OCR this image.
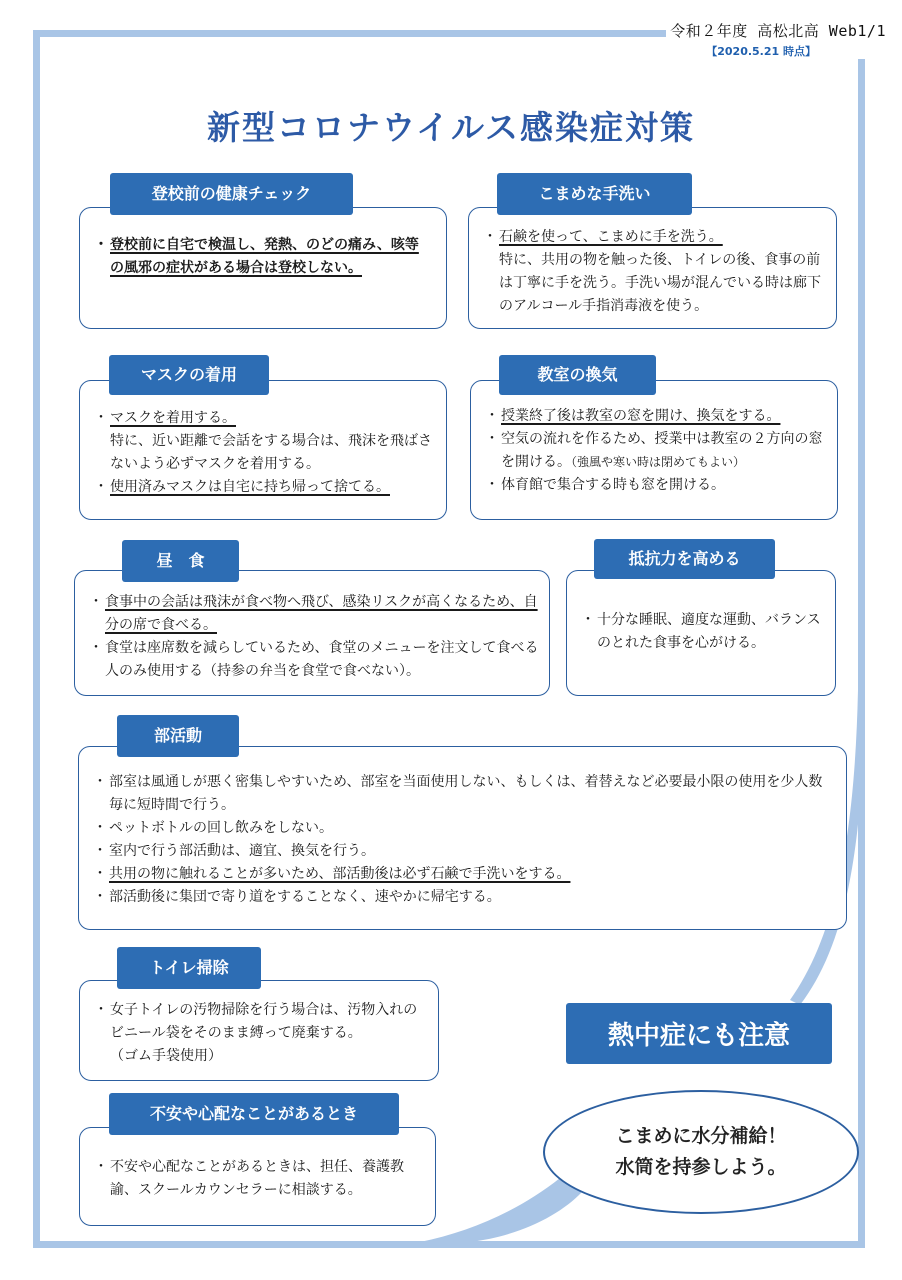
令和２年度 高松北高 Web1/1
【2020.5.21 時点】
新型コロナウイルス感染症対策
・ 登校前に自宅で検温し、発熱、のどの痛み、咳等の風邪の症状がある場合は登校しない。
登校前の健康チェック
・ 石鹸を使って、こまめに手を洗う。
特に、共用の物を触った後、トイレの後、食事の前は丁寧に手を洗う。手洗い場が混んでいる時は廊下のアルコール手指消毒液を使う。
こまめな手洗い
・ マスクを着用する。
特に、近い距離で会話をする場合は、飛沫を飛ばさないよう必ずマスクを着用する。
・ 使用済みマスクは自宅に持ち帰って捨てる。
マスクの着用
・ 授業終了後は教室の窓を開け、換気をする。
・ 空気の流れを作るため、授業中は教室の２方向の窓を開ける。（強風や寒い時は閉めてもよい）
・ 体育館で集合する時も窓を開ける。
教室の換気
・ 食事中の会話は飛沫が食べ物へ飛び、感染リスクが高くなるため、自分の席で食べる。
・ 食堂は座席数を減らしているため、食堂のメニューを注文して食べる人のみ使用する（持参の弁当を食堂で食べない）。
昼　食
・ 十分な睡眠、適度な運動、バランスのとれた食事を心がける。
抵抗力を高める
・ 部室は風通しが悪く密集しやすいため、部室を当面使用しない、もしくは、着替えなど必要最小限の使用を少人数毎に短時間で行う。
・ ペットボトルの回し飲みをしない。
・ 室内で行う部活動は、適宜、換気を行う。
・ 共用の物に触れることが多いため、部活動後は必ず石鹸で手洗いをする。
・ 部活動後に集団で寄り道をすることなく、速やかに帰宅する。
部活動
・ 女子トイレの汚物掃除を行う場合は、汚物入れのビニール袋をそのまま縛って廃棄する。
（ゴム手袋使用）
トイレ掃除
・ 不安や心配なことがあるときは、担任、養護教諭、スクールカウンセラーに相談する。
不安や心配なことがあるとき
熱中症にも注意
こまめに水分補給！
水筒を持参しよう。
